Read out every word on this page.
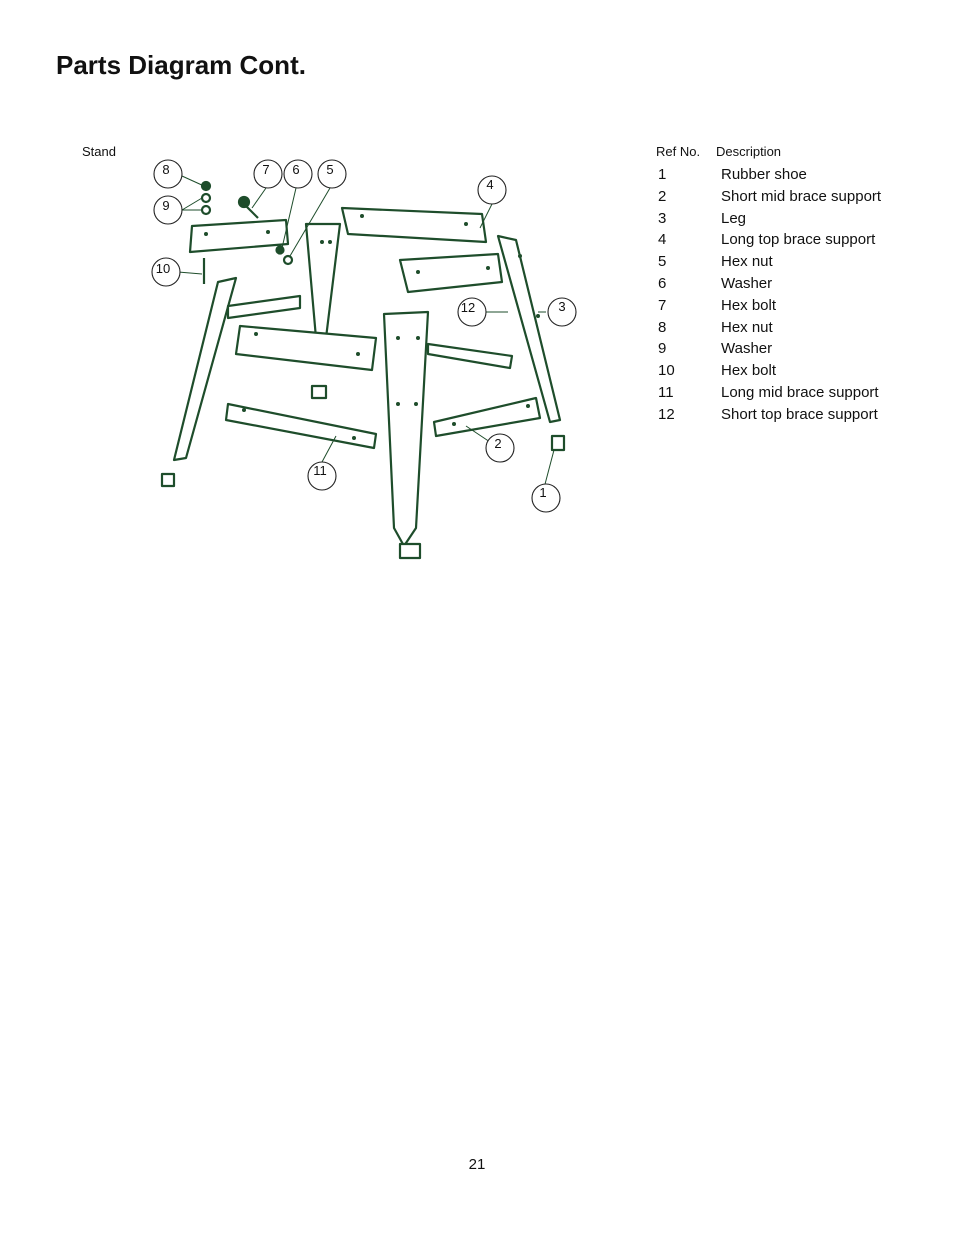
Parts Diagram Cont.
Stand
8
9
10
7 6 5
4
12	3
2
11
1
Ref No.	Description
1	Rubber shoe
2	Short mid brace support
3	Leg
4	Long top brace support
5	Hex nut
6	Washer
7	Hex bolt
8	Hex nut
9	Washer
10	Hex bolt
11	Long mid brace support
12	Short top brace support
21
